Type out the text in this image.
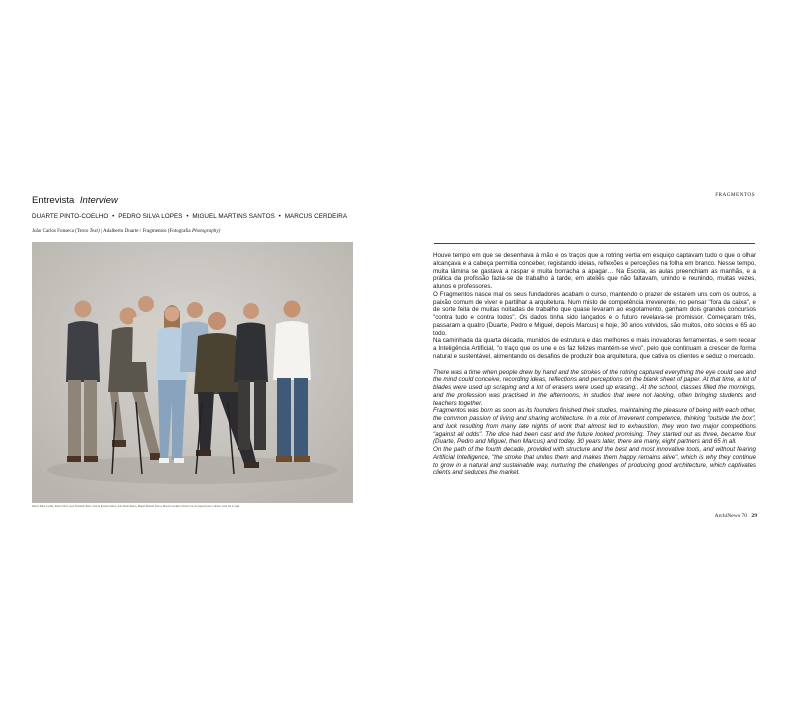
Entrevista Interview
DUARTE PINTO-COELHO • PEDRO SILVA LOPES • MIGUEL MARTINS SANTOS • MARCUS CERDEIRA
João Carlos Fonseca (Texto Text) | Adalberto Duarte / Fragmentos (Fotografia Photography)
Duarte Pinto-Coelho, Pedro Silva Lopes, Fernando Pinto, Sara de Rosário Santos, João Paulo Bastos, Miguel Martins Santos, Marcus Cerdeira, David Cruz da esquerda para a direita, from left to right
FRAGMENTOS

Houve tempo em que se desenhava à mão e os traços que a rotring vertia em esquiço captavam tudo o que o olhar alcançava e a cabeça permitia conceber, registando ideias, reflexões e perceções na folha em branco. Nesse tempo, muita lâmina se gastava a raspar e muita borracha a apagar… Na Escola, as aulas preenchiam as manhãs, e a prática da profissão fazia-se de trabalho à tarde, em ateliês que não faltavam, unindo e reunindo, muitas vezes, alunos e professores.

O Fragmentos nasce mal os seus fundadores acabam o curso, mantendo o prazer de estarem uns com os outros, a paixão comum de viver e partilhar a arquitetura. Num misto de competência irreverente, no pensar "fora da caixa", e de sorte feita de muitas noitadas de trabalho que quase levaram ao esgotamento, ganham dois grandes concursos "contra tudo e contra todos". Os dados tinha sido lançados e o futuro revelava-se promissor. Começaram três, passaram a quatro (Duarte, Pedro e Miguel, depois Marcus) e hoje, 30 anos volvidos, são muitos, oito sócios e 65 ao todo.

Na caminhada da quarta década, munidos de estrutura e das melhores e mais inovadoras ferramentas, e sem recear a Inteligência Artificial, "o traço que os une e os faz felizes mantém-se vivo", pelo que continuam a crescer de forma natural e sustentável, alimentando os desafios de produzir boa arquitetura, que cativa os clientes e seduz o mercado.

There was a time when people drew by hand and the strokes of the rotring captured everything the eye could see and the mind could conceive, recording ideas, reflections and perceptions on the blank sheet of paper. At that time, a lot of blades were used up scraping and a lot of erasers were used up erasing.. At the school, classes filled the mornings, and the profession was practised in the afternoons, in studios that were not lacking, often bringing students and teachers together.

Fragmentos was born as soon as its founders finished their studies, maintaining the pleasure of being with each other, the common passion of living and sharing architecture. In a mix of irreverent competence, thinking "outside the box", and luck resulting from many late nights of work that almost led to exhaustion, they won two major competitions "against all odds". The dice had been cast and the future looked promising. They started out as three, became four (Duarte, Pedro and Miguel, then Marcus) and today, 30 years later, there are many, eight partners and 65 in all.

On the path of the fourth decade, provided with structure and the best and most innovative tools, and without fearing Artificial Intelligence, "the stroke that unites them and makes them happy remains alive", which is why they continue to grow in a natural and sustainable way, nurturing the challenges of producing good architecture, which captivates clients and seduces the market.

ArchiNews 70 29
